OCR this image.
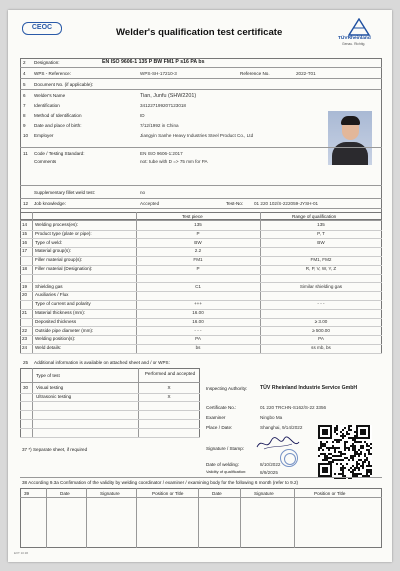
CEOC	Welder's qualification test certificate
TÜVRheinland
Genau. Richtig.
2 Designation:	EN ISO 9606-1 135 P BW FM1 P s16 PA bs
4 WPS - Reference:	WPS-SH-17210-3	Reference No.	2022-T01
5 Document No. (if applicable):
6 Welder's Name	Tian, Junfu (SHW2201)
7 Identification	341227199207123018
8 Method of Identification	ID
9 Date and place of birth:	7/12/1992 in China
10 Employer	Jiangyin Sanhe Heavy Industries Steel Product Co., Ltd
11 Code / Testing Standard:	EN ISO 9606-1:2017
Comments	not: tube with D => 75 mm for PA
Supplementary fillet weld test:	no
12 Job knowledge:	Accepted	Test-No: 01 220 102/S-222059-JYSH-01
Test piece	Range of qualification
25 Additional information is available on attached sheet and / or WPS:
Type of test	Performed and accepted
Inspecting Authority: TÜV Rheinland Industrie Service GmbH
Certificate No.:	01 220 TRCHN-S162/S-22 3356
Examiner	Ningbo Ma
Place / Date:	Shanghai, 9/14/2022
Signature / Stamp:
Date of welding:	8/10/2022
Validity of qualification:	8/9/2025
37 *) Separate sheet, if required
38 According 9.3a Confirmation of the validity by welding coordinator / examiner / examining body for the following 6 month (refer to 9.2)
39	Date	Signature	Position or Title	Date	Signature	Position or Title
EXT 10.96
14 Welding process(es):	135	135
15 Product type (plate or pipe):	P	P, T
16 Type of weld:	BW	BW
17 Material group(s):	2.2
Filler material group(s):	FM1	FM1, FM2
18 Filler material (Designation):	P	R, P, V, W, Y, Z
19 Shielding gas	C1	Similar shielding gas
20 Auxiliaries / Flux
Type of current and polarity	+++	- - -
21 Material thickness (mm):	16.00
Deposited thickness	16.00	≥ 3.00
22 Outside pipe diameter (mm):	- - -	≥ 500.00
23 Welding position(s):	PA	PA
24 Weld details:	bs	ss mb, bs
30 Visual testing	X
Ultrasonic testing	X
